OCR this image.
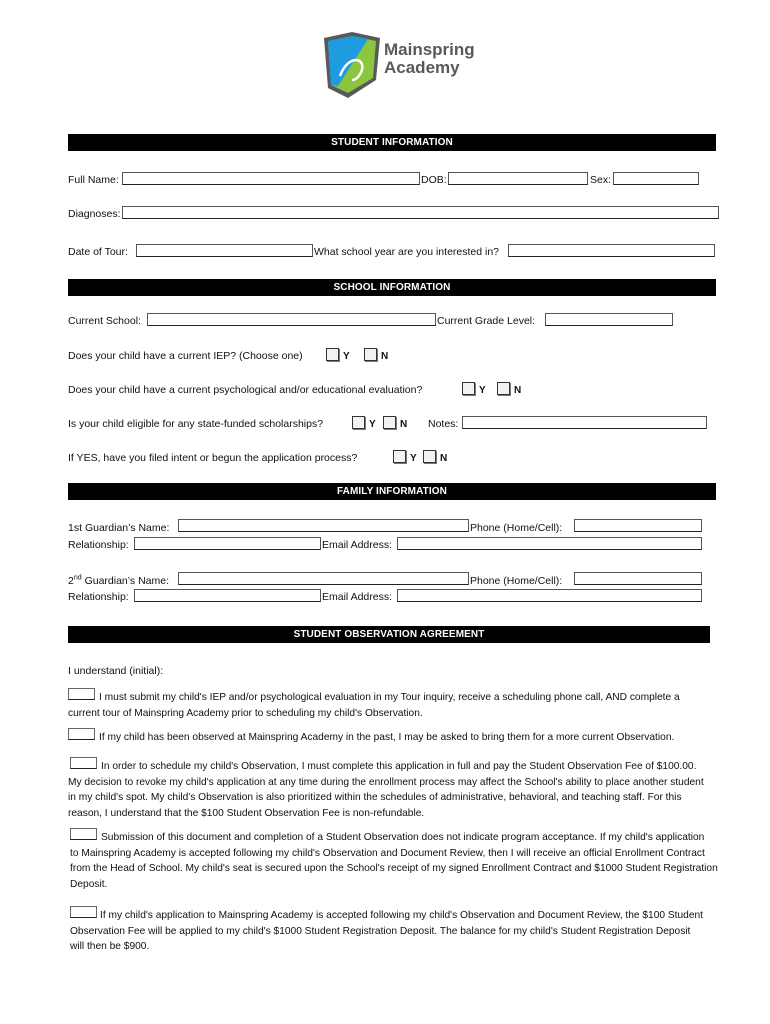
Mainspring
Academy
STUDENT INFORMATION
Full Name:	DOB:	Sex:
Diagnoses:
Date of Tour:	What school year are you interested in?
SCHOOL INFORMATION
Current School:	Current Grade Level:
Does your child have a current IEP? (Choose one)	Y	N
Does your child have a current psychological and/or educational evaluation?	Y	N
Is your child eligible for any state-funded scholarships?	Y N Notes:
If YES, have you filed intent or begun the application process?	Y N
FAMILY INFORMATION
1st Guardian’s Name:	Phone (Home/Cell):
Relationship:	Email Address:
2nd Guardian’s Name:	Phone (Home/Cell):
Relationship:	Email Address:
STUDENT OBSERVATION AGREEMENT
I understand (initial):
I must submit my child's IEP and/or psychological evaluation in my Tour inquiry, receive a scheduling phone call, AND complete a
current tour of Mainspring Academy prior to scheduling my child's Observation.
If my child has been observed at Mainspring Academy in the past, I may be asked to bring them for a more current Observation.
In order to schedule my child's Observation, I must complete this application in full and pay the Student Observation Fee of $100.00.
My decision to revoke my child's application at any time during the enrollment process may affect the School's ability to place another student
in my child's spot. My child's Observation is also prioritized within the schedules of administrative, behavioral, and teaching staff. For this
reason, I understand that the $100 Student Observation Fee is non-refundable.
Submission of this document and completion of a Student Observation does not indicate program acceptance. If my child's application
to Mainspring Academy is accepted following my child's Observation and Document Review, then I will receive an official Enrollment Contract
from the Head of School. My child's seat is secured upon the School's receipt of my signed Enrollment Contract and $1000 Student Registration
Deposit.
If my child's application to Mainspring Academy is accepted following my child's Observation and Document Review, the $100 Student
Observation Fee will be applied to my child's $1000 Student Registration Deposit. The balance for my child's Student Registration Deposit
will then be $900.
